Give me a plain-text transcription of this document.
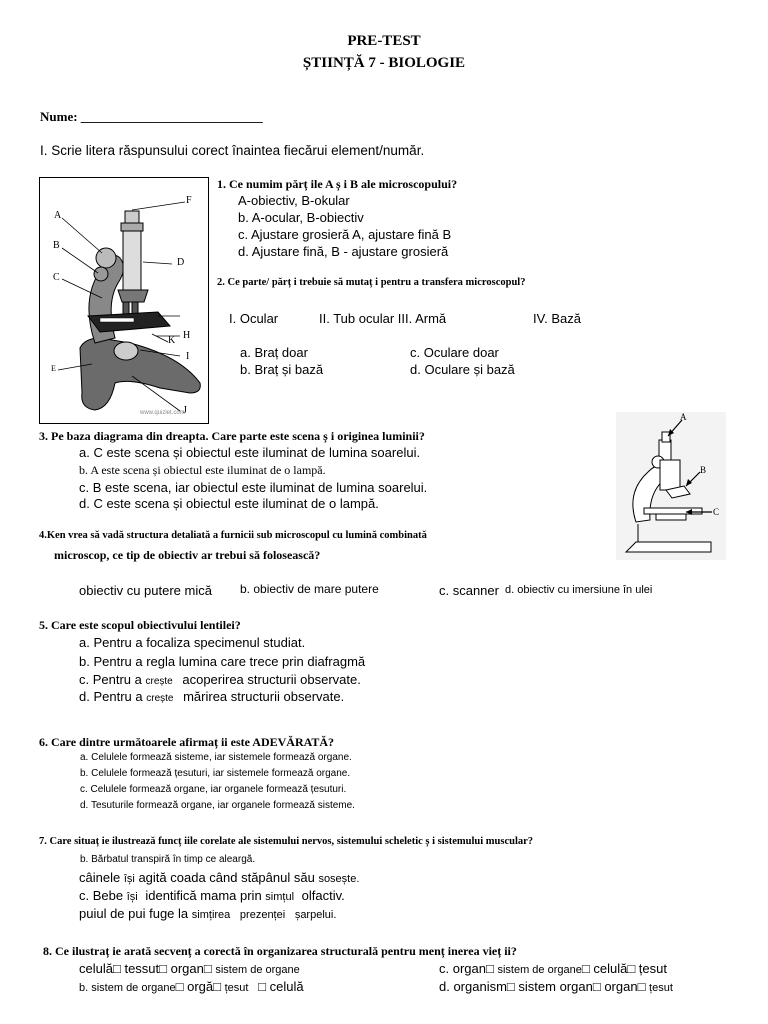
PRE-TEST
ȘTIINȚĂ 7 - BIOLOGIE
Nume: ____________________________
I. Scrie litera răspunsului corect înaintea fiecărui element/număr.
A
B
C
D
E
F
H
I
J
K
www.quizlet.com
1. Ce numim părț ile A ș i B ale microscopului?
A-obiectiv, B-okular
b. A-ocular, B-obiectiv
c. Ajustare grosieră A, ajustare fină B
d. Ajustare fină, B - ajustare grosieră
2. Ce parte/ părț i trebuie să mutaț i pentru a transfera microscopul?
I. Ocular	II. Tub ocular III. Armă	IV. Bază
a. Braț doar	c. Oculare doar
b. Braț și bază	d. Oculare și bază
A
B
C
3. Pe baza diagrama din dreapta. Care parte este scena ș i originea luminii?
a. C este scena și obiectul este iluminat de lumina soarelui.
b. A este scena și obiectul este iluminat de o lampă.
c. B este scena, iar obiectul este iluminat de lumina soarelui.
d. C este scena și obiectul este iluminat de o lampă.
4.Ken vrea să vadă structura detaliată a furnicii sub microscopul cu lumină combinată
microscop, ce tip de obiectiv ar trebui să folosească?
obiectiv cu putere mică b. obiectiv de mare putere	c. scanner d. obiectiv cu imersiune în ulei
5. Care este scopul obiectivului lentilei?
a. Pentru a focaliza specimenul studiat.
b. Pentru a regla lumina care trece prin diafragmă
c. Pentru a crește acoperirea structurii observate.
d. Pentru a crește mărirea structurii observate.
6. Care dintre următoarele afirmaț ii este ADEVĂRATĂ?
a. Celulele formează sisteme, iar sistemele formează organe.
b. Celulele formează țesuturi, iar sistemele formează organe.
c. Celulele formează organe, iar organele formează țesuturi.
d. Tesuturile formează organe, iar organele formează sisteme.
7. Care situaț ie ilustrează funcț iile corelate ale sistemului nervos, sistemului scheletic ș i sistemului muscular?
b. Bărbatul transpiră în timp ce aleargă.
câinele își agită coada când stăpânul său sosește.
c. Bebe își identifică mama prin simțul olfactiv.
puiul de pui fuge la simțirea prezenței șarpelui.
8. Ce ilustraț ie arată secvenț a corectă în organizarea structurală pentru menț inerea vieț ii?
celulă□ tessut□ organ□ sistem de organe	c. organ□ sistem de organe□ celulă□ țesut
b. sistem de organe□ orgă□ țesut □ celulă	d. organism□ sistem organ□ organ□ țesut
